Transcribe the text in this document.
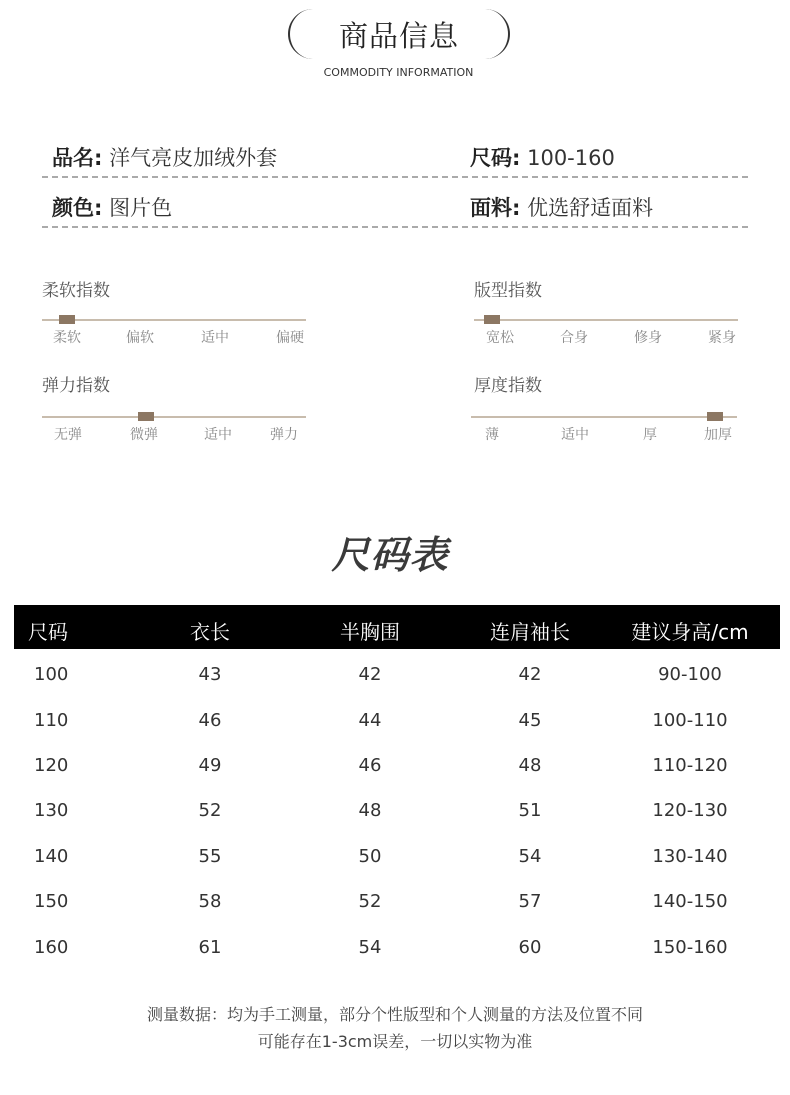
商品信息
COMMODITY INFORMATION
品名: 洋气亮皮加绒外套	尺码: 100-160
颜色: 图片色	面料: 优选舒适面料
柔软指数
柔软	偏软	适中	偏硬
版型指数
宽松	合身	修身	紧身
弹力指数
无弹	微弹	适中	弹力
厚度指数
薄	适中	厚	加厚
尺码表
尺码	衣长	半胸围	连肩袖长	建议身高/cm
100	43	42	42	90-100
110	46	44	45	100-110
120	49	46	48	110-120
130	52	48	51	120-130
140	55	50	54	130-140
150	58	52	57	140-150
160	61	54	60	150-160
测量数据：均为手工测量，部分个性版型和个人测量的方法及位置不同
可能存在1-3cm误差，一切以实物为准
